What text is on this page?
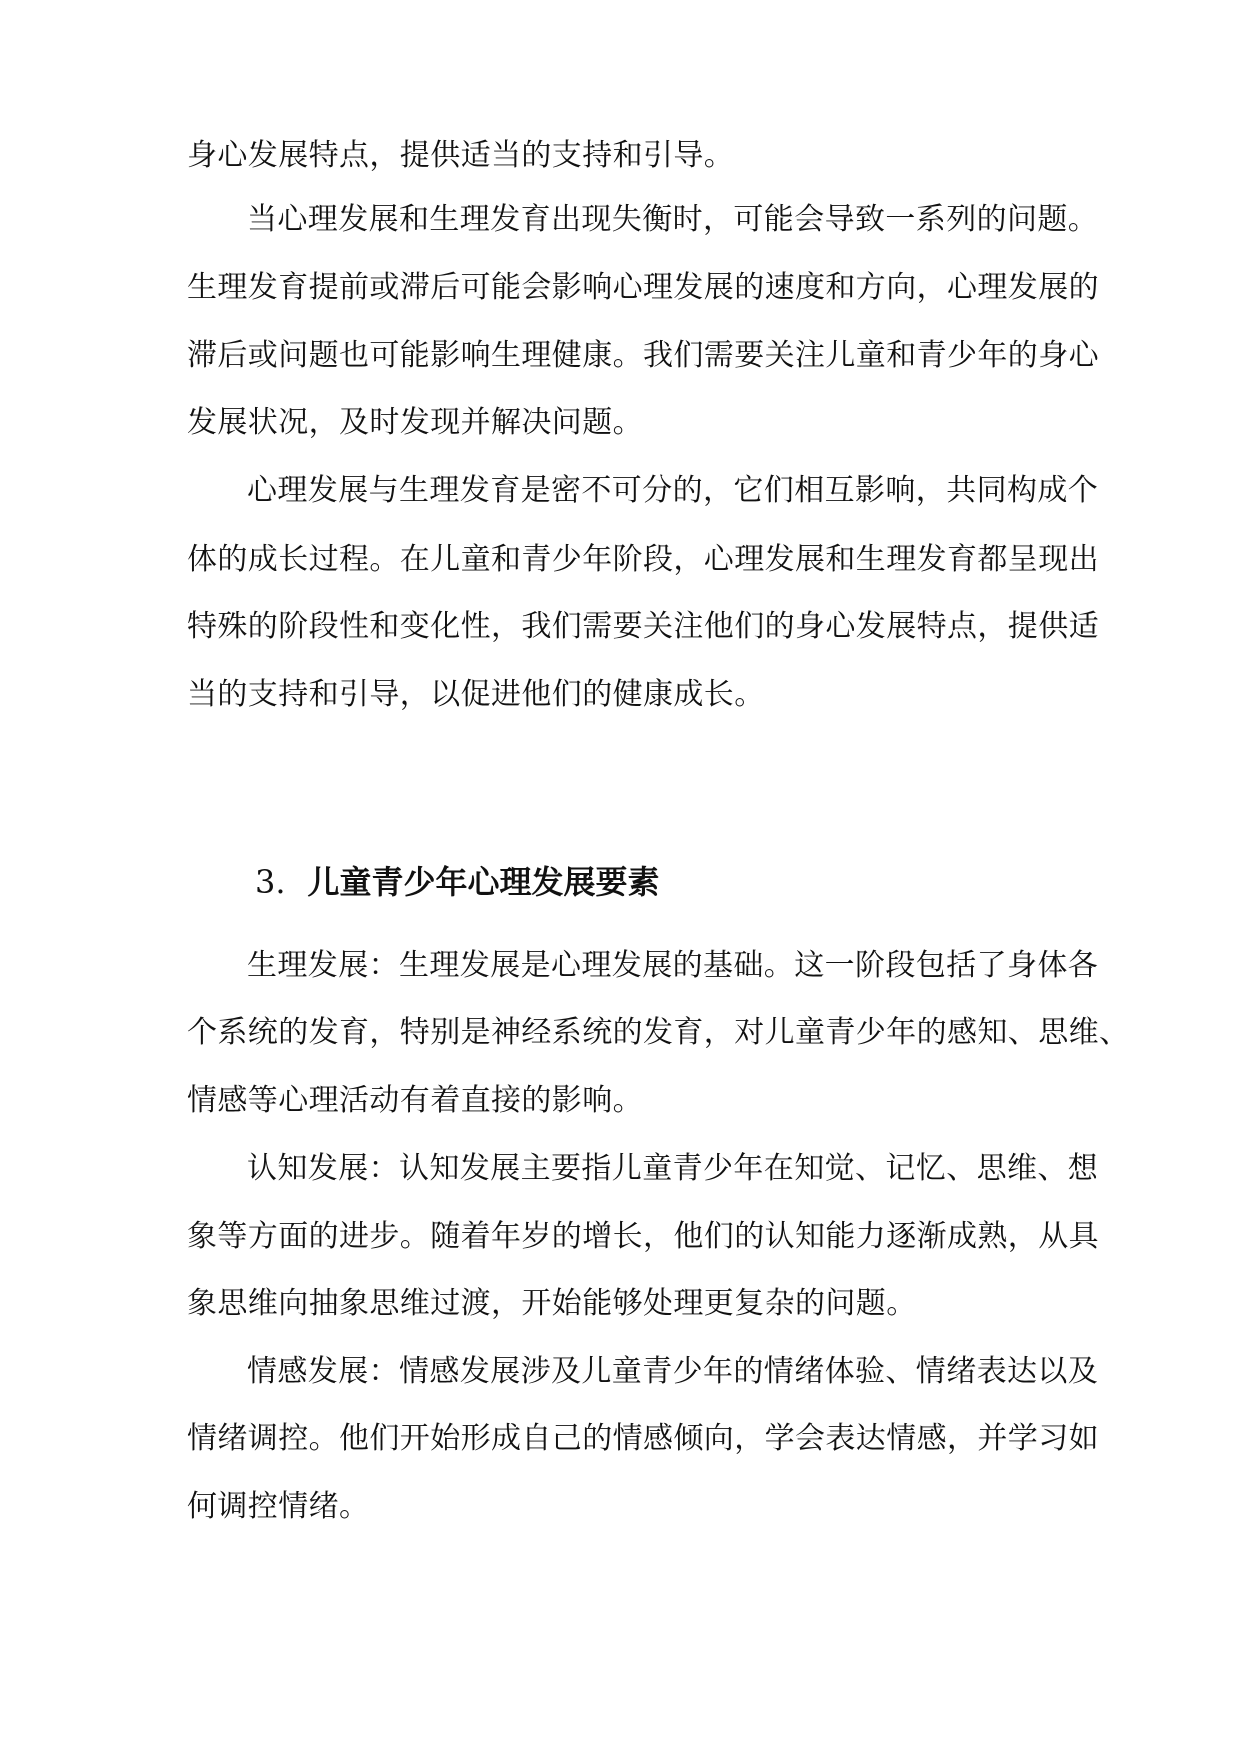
身心发展特点，提供适当的支持和引导。
当心理发展和生理发育出现失衡时，可能会导致一系列的问题。
生理发育提前或滞后可能会影响心理发展的速度和方向，心理发展的
滞后或问题也可能影响生理健康。我们需要关注儿童和青少年的身心
发展状况，及时发现并解决问题。
心理发展与生理发育是密不可分的，它们相互影响，共同构成个
体的成长过程。在儿童和青少年阶段，心理发展和生理发育都呈现出
特殊的阶段性和变化性，我们需要关注他们的身心发展特点，提供适
当的支持和引导，以促进他们的健康成长。
3. 儿童青少年心理发展要素
生理发展：生理发展是心理发展的基础。这一阶段包括了身体各
个系统的发育，特别是神经系统的发育，对儿童青少年的感知、思维、
情感等心理活动有着直接的影响。
认知发展：认知发展主要指儿童青少年在知觉、记忆、思维、想
象等方面的进步。随着年岁的增长，他们的认知能力逐渐成熟，从具
象思维向抽象思维过渡，开始能够处理更复杂的问题。
情感发展：情感发展涉及儿童青少年的情绪体验、情绪表达以及
情绪调控。他们开始形成自己的情感倾向，学会表达情感，并学习如
何调控情绪。
